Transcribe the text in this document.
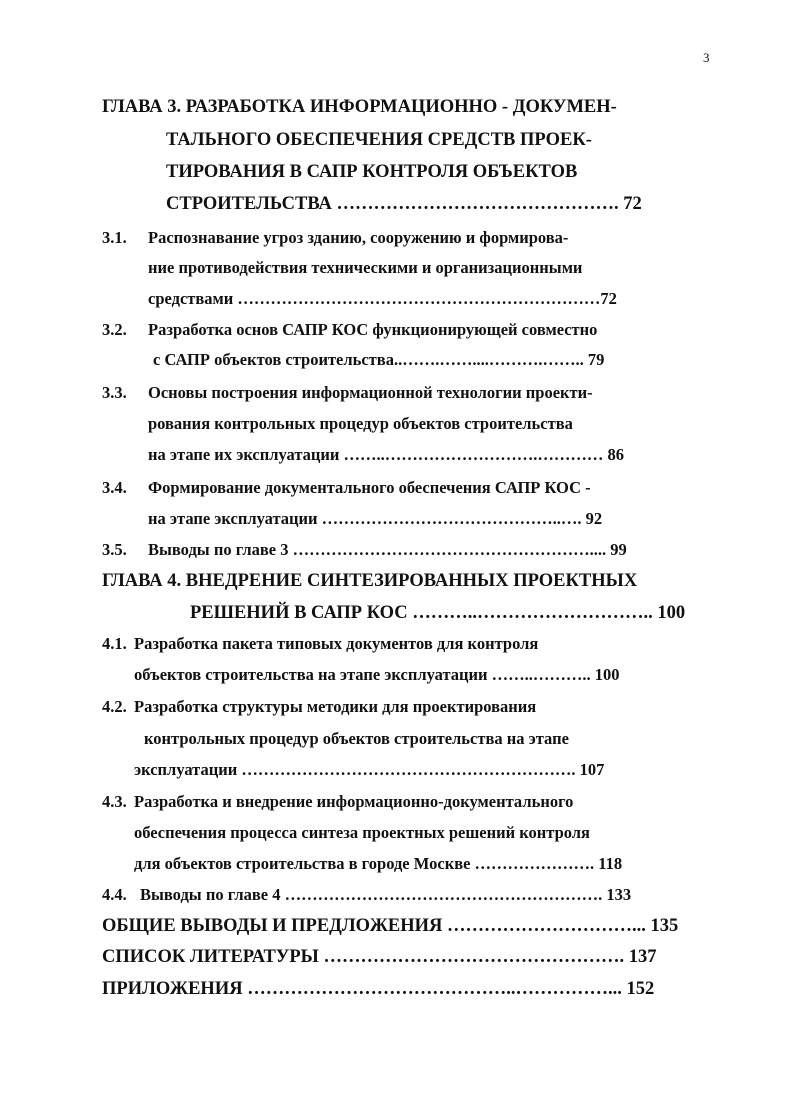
3
ГЛАВА 3. РАЗРАБОТКА ИНФОРМАЦИОННО - ДОКУМЕН-
ТАЛЬНОГО ОБЕСПЕЧЕНИЯ СРЕДСТВ ПРОЕК-
ТИРОВАНИЯ В САПР КОНТРОЛЯ ОБЪЕКТОВ
СТРОИТЕЛЬСТВА ………………………………………. 72
3.1. Распознавание угроз зданию, сооружению и формирова-
ние противодействия техническими и организационными
средствами …………………………………………………………72
3.2. Разработка основ САПР КОС функционирующей совместно
с САПР объектов строительства..…….……....……….…….. 79
3.3. Основы построения информационной технологии проекти-
рования контрольных процедур объектов строительства
на этапе их эксплуатации ……..……………………….………… 86
3.4. Формирование документального обеспечения САПР КОС -
на этапе эксплуатации ……………………………………..…. 92
3.5. Выводы по главе 3 ……………………………………………….... 99
ГЛАВА 4. ВНЕДРЕНИЕ СИНТЕЗИРОВАННЫХ ПРОЕКТНЫХ
РЕШЕНИЙ В САПР КОС ………..……………………….. 100
4.1. Разработка пакета типовых документов для контроля
объектов строительства на этапе эксплуатации ……..……….. 100
4.2. Разработка структуры методики для проектирования
контрольных процедур объектов строительства на этапе
эксплуатации ……………………………………………………. 107
4.3. Разработка и внедрение информационно-документального
обеспечения процесса синтеза проектных решений контроля
для объектов строительства в городе Москве …………………. 118
4.4. Выводы по главе 4 …………………………………………………. 133
ОБЩИЕ ВЫВОДЫ И ПРЕДЛОЖЕНИЯ …………………………... 135
СПИСОК ЛИТЕРАТУРЫ …………………………………………. 137
ПРИЛОЖЕНИЯ ……………………………………..……………... 152
